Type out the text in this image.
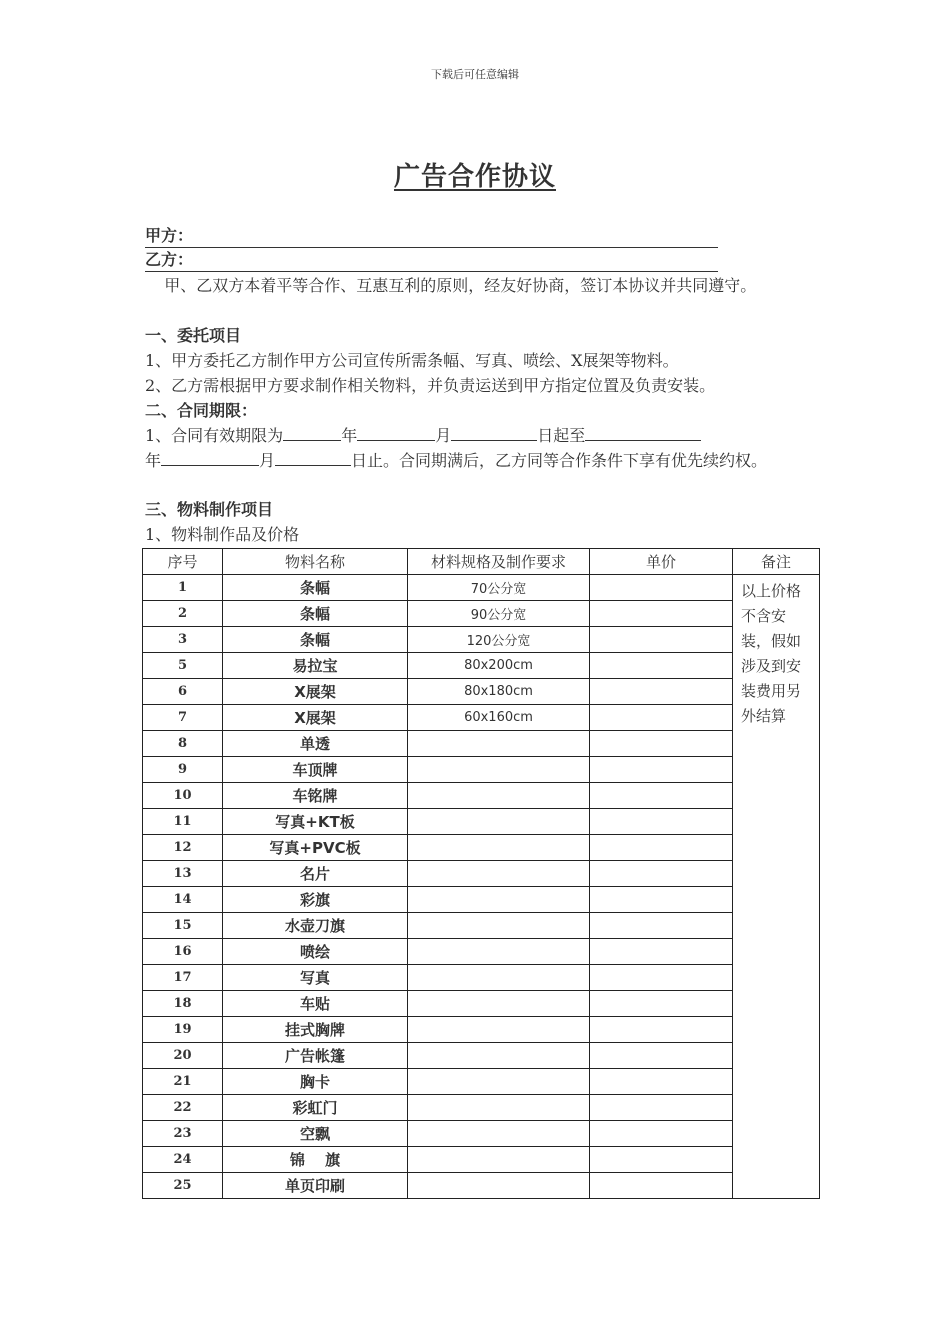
下载后可任意编辑
广告合作协议
甲方：
乙方：
甲、乙双方本着平等合作、互惠互利的原则，经友好协商，签订本协议并共同遵守。
一、委托项目
1、甲方委托乙方制作甲方公司宣传所需条幅、写真、喷绘、X展架等物料。
2、乙方需根据甲方要求制作相关物料，并负责运送到甲方指定位置及负责安装。
二、合同期限：
1、合同有效期限为	年	月	日起至
年	月	日止。合同期满后，乙方同等合作条件下享有优先续约权。
三、物料制作项目
1、物料制作品及价格
序号	物料名称	材料规格及制作要求	单价	备注
1	条幅	70公分宽		以上价格不含安装，假如涉及到安装费用另外结算
2	条幅	90公分宽		
3	条幅	120公分宽		
5	易拉宝	80x200cm		
6	X展架	80x180cm		
7	X展架	60x160cm		
8	单透			
9	车顶牌			
10	车铭牌			
11	写真+KT板			
12	写真+PVC板			
13	名片			
14	彩旗			
15	水壶刀旗			
16	喷绘			
17	写真			
18	车贴			
19	挂式胸牌			
20	广告帐篷			
21	胸卡			
22	彩虹门			
23	空飘			
24	锦　 旗			
25	单页印刷			
